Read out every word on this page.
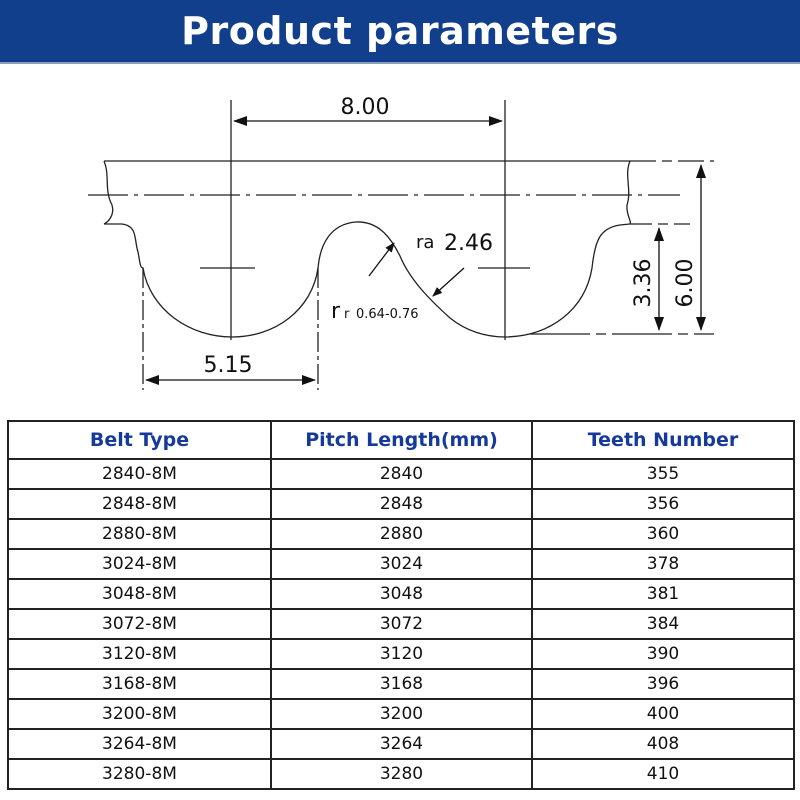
Product parameters
8.00
5.15
ra 2.46
r r 0.64-0.76
3.36 6.00
Belt Type	Pitch Length(mm)	Teeth Number
2840-8M	2840	355
2848-8M	2848	356
2880-8M	2880	360
3024-8M	3024	378
3048-8M	3048	381
3072-8M	3072	384
3120-8M	3120	390
3168-8M	3168	396
3200-8M	3200	400
3264-8M	3264	408
3280-8M	3280	410
